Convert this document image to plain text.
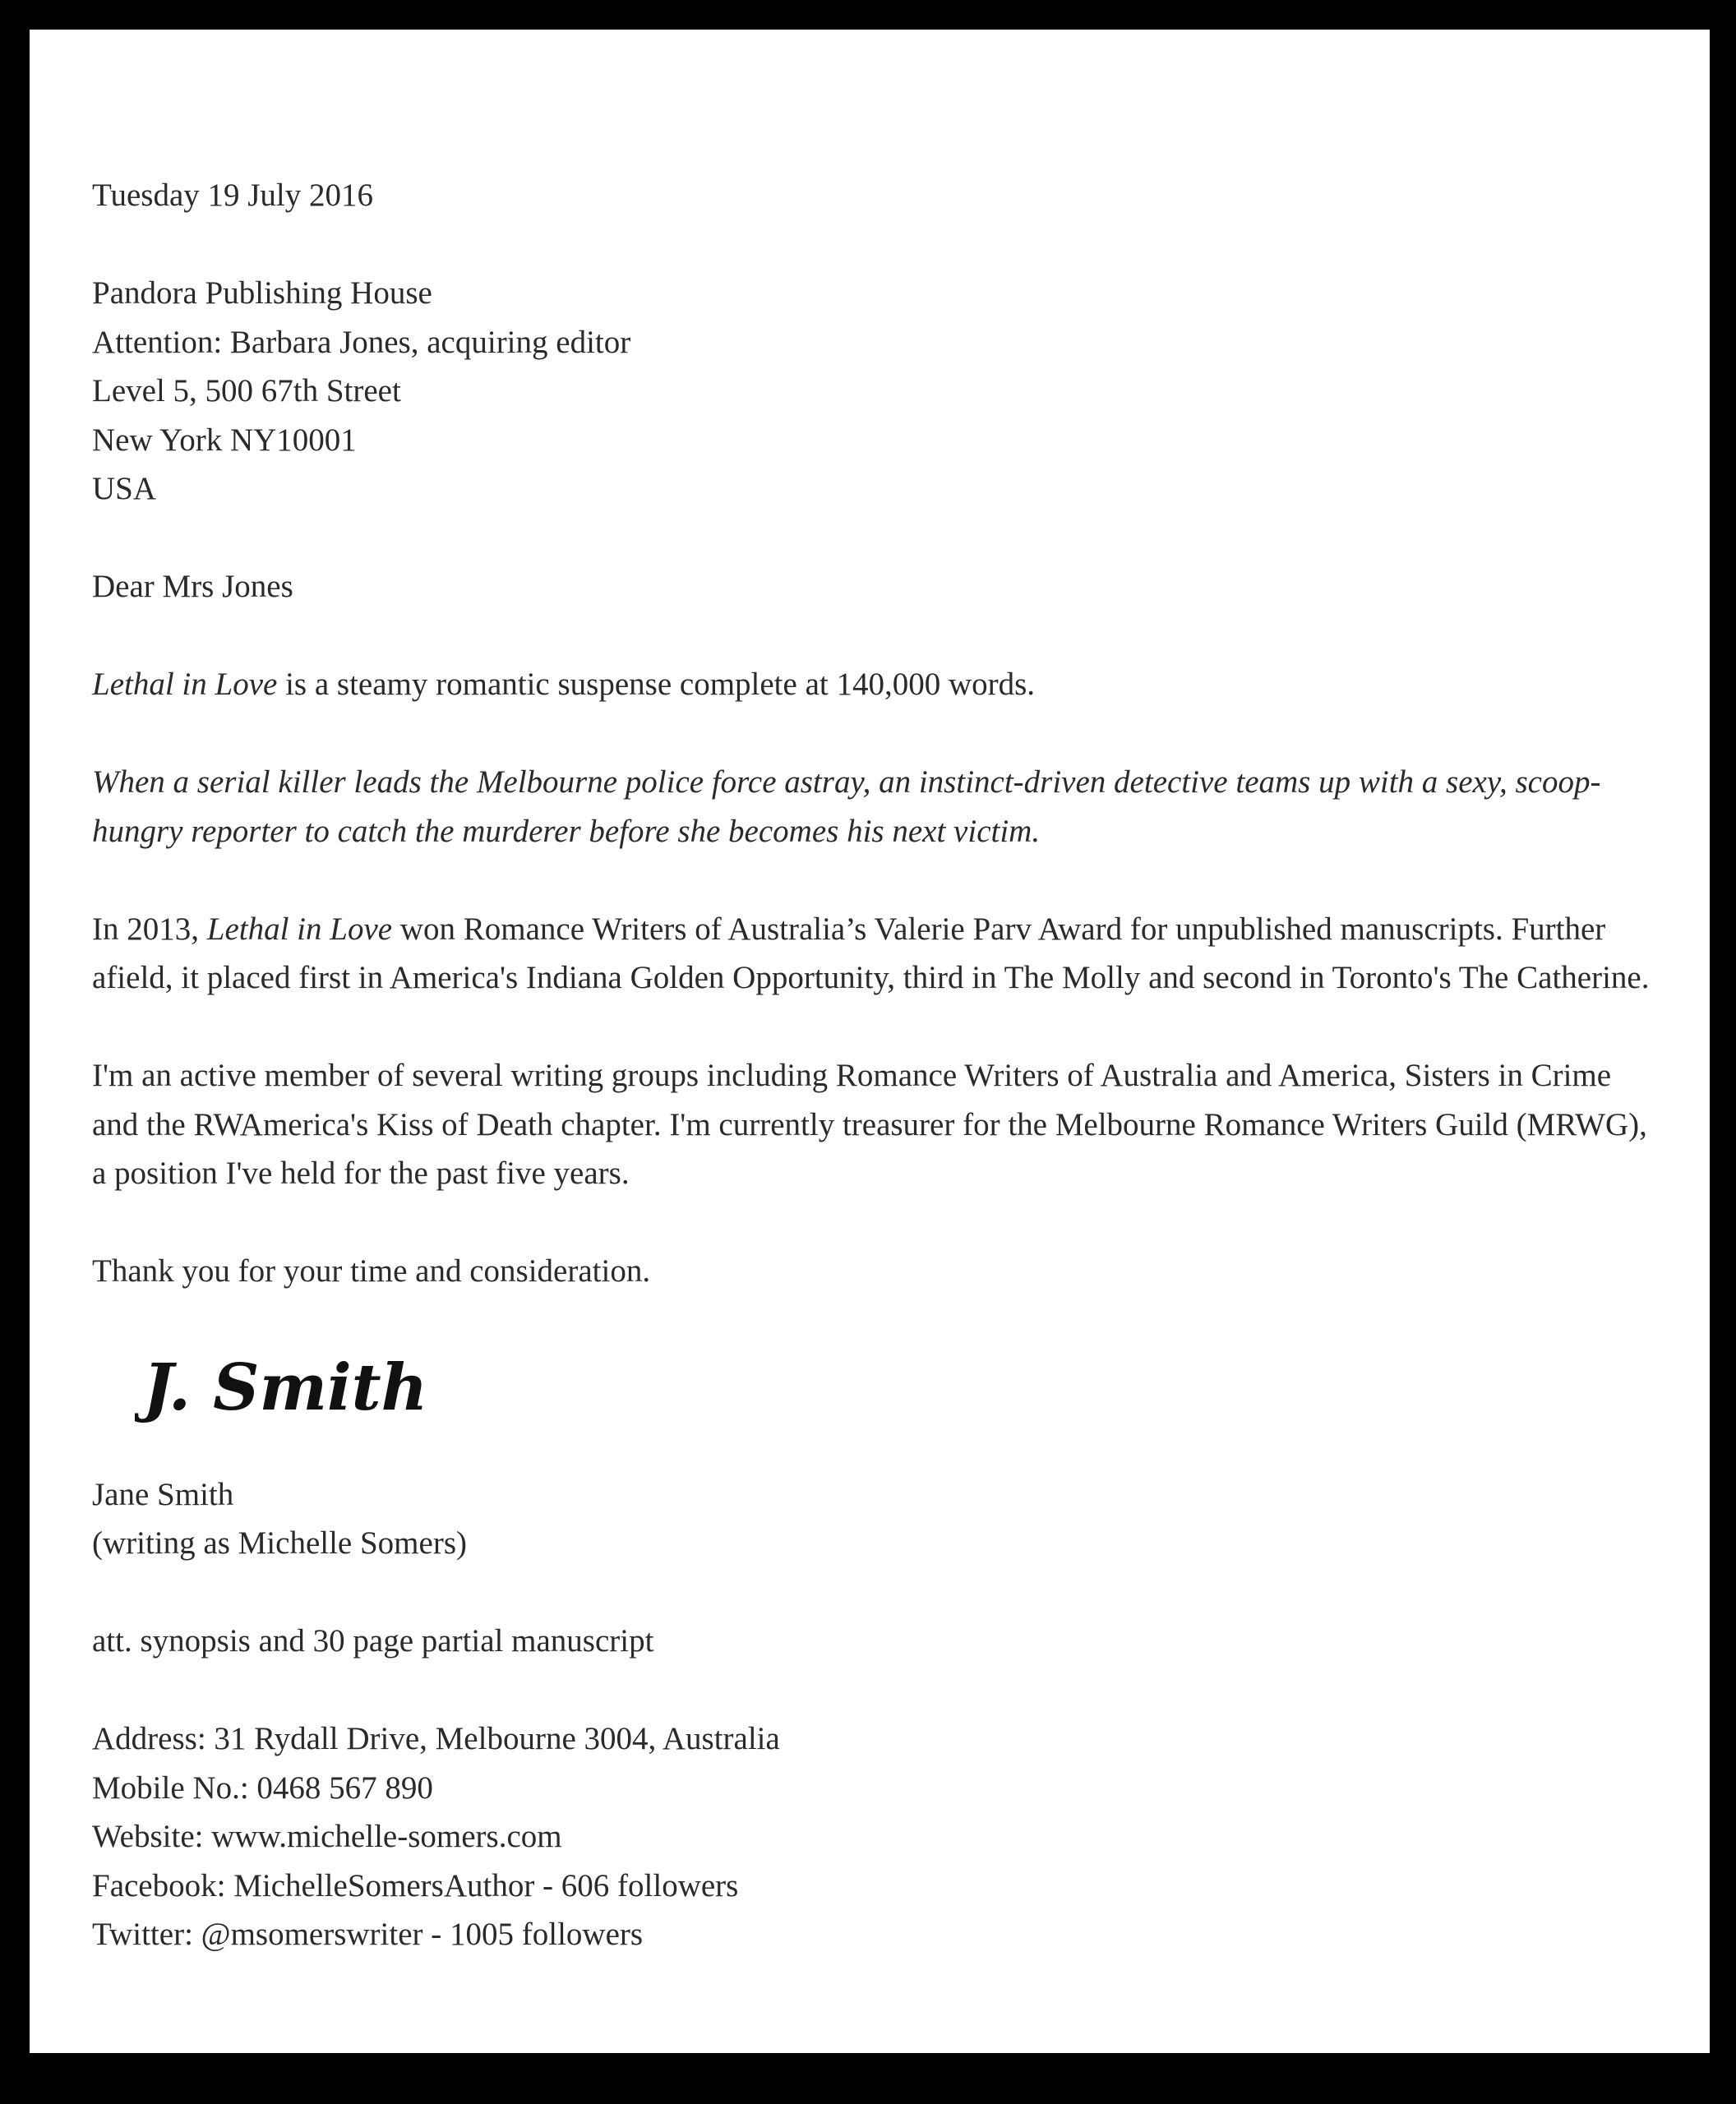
Tuesday 19 July 2016
Pandora Publishing House
Attention: Barbara Jones, acquiring editor
Level 5, 500 67th Street
New York NY10001
USA
Dear Mrs Jones
Lethal in Love is a steamy romantic suspense complete at 140,000 words.
When a serial killer leads the Melbourne police force astray, an instinct-driven detective teams up with a sexy, scoop-hungry reporter to catch the murderer before she becomes his next victim.
In 2013, Lethal in Love won Romance Writers of Australia’s Valerie Parv Award for unpublished manuscripts. Further afield, it placed first in America's Indiana Golden Opportunity, third in The Molly and second in Toronto's The Catherine.
I'm an active member of several writing groups including Romance Writers of Australia and America, Sisters in Crime and the RWAmerica's Kiss of Death chapter. I'm currently treasurer for the Melbourne Romance Writers Guild (MRWG), a position I've held for the past five years.
Thank you for your time and consideration.
J. Smith
Jane Smith
(writing as Michelle Somers)
att. synopsis and 30 page partial manuscript
Address: 31 Rydall Drive, Melbourne 3004, Australia
Mobile No.: 0468 567 890
Website: www.michelle-somers.com
Facebook: MichelleSomersAuthor - 606 followers
Twitter: @msomerswriter - 1005 followers
